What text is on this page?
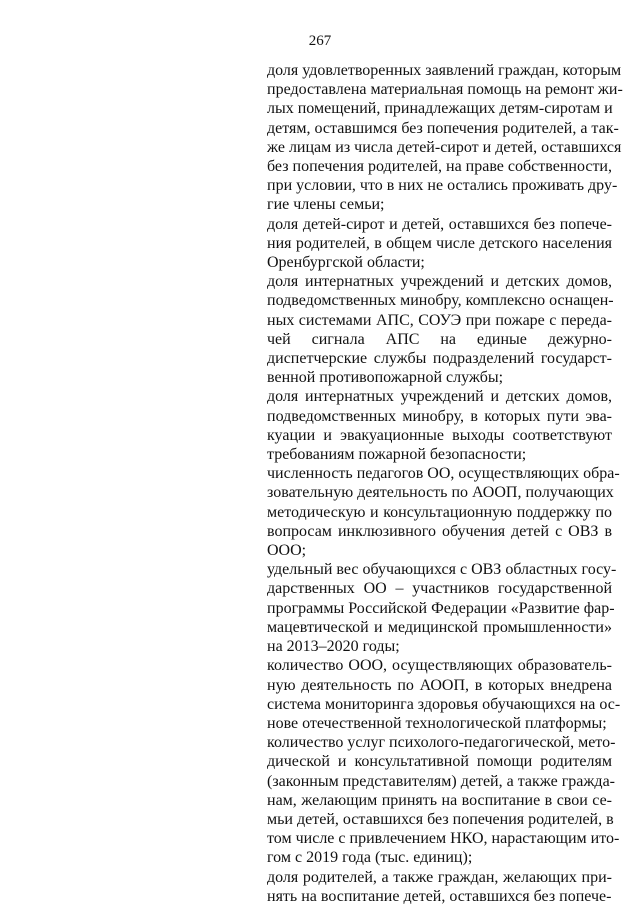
267
доля удовлетворенных заявлений граждан, которым
предоставлена материальная помощь на ремонт жи-
лых помещений, принадлежащих детям-сиротам и
детям, оставшимся без попечения родителей, а так-
же лицам из числа детей-сирот и детей, оставшихся
без попечения родителей, на праве собственности,
при условии, что в них не остались проживать дру-
гие члены семьи;
доля детей-сирот и детей, оставшихся без попече-
ния родителей, в общем числе детского населения
Оренбургской области;
доля интернатных учреждений и детских домов,
подведомственных минобру, комплексно оснащен-
ных системами АПС, СОУЭ при пожаре с переда-
чей сигнала АПС на единые дежурно-
диспетчерские службы подразделений государст-
венной противопожарной службы;
доля интернатных учреждений и детских домов,
подведомственных минобру, в которых пути эва-
куации и эвакуационные выходы соответствуют
требованиям пожарной безопасности;
численность педагогов ОО, осуществляющих обра-
зовательную деятельность по АООП, получающих
методическую и консультационную поддержку по
вопросам инклюзивного обучения детей с ОВЗ в
ООО;
удельный вес обучающихся с ОВЗ областных госу-
дарственных ОО – участников государственной
программы Российской Федерации «Развитие фар-
мацевтической и медицинской промышленности»
на 2013–2020 годы;
количество ООО, осуществляющих образователь-
ную деятельность по АООП, в которых внедрена
система мониторинга здоровья обучающихся на ос-
нове отечественной технологической платформы;
количество услуг психолого-педагогической, мето-
дической и консультативной помощи родителям
(законным представителям) детей, а также гражда-
нам, желающим принять на воспитание в свои се-
мьи детей, оставшихся без попечения родителей, в
том числе с привлечением НКО, нарастающим ито-
гом с 2019 года (тыс. единиц);
доля родителей, а также граждан, желающих при-
нять на воспитание детей, оставшихся без попече-
